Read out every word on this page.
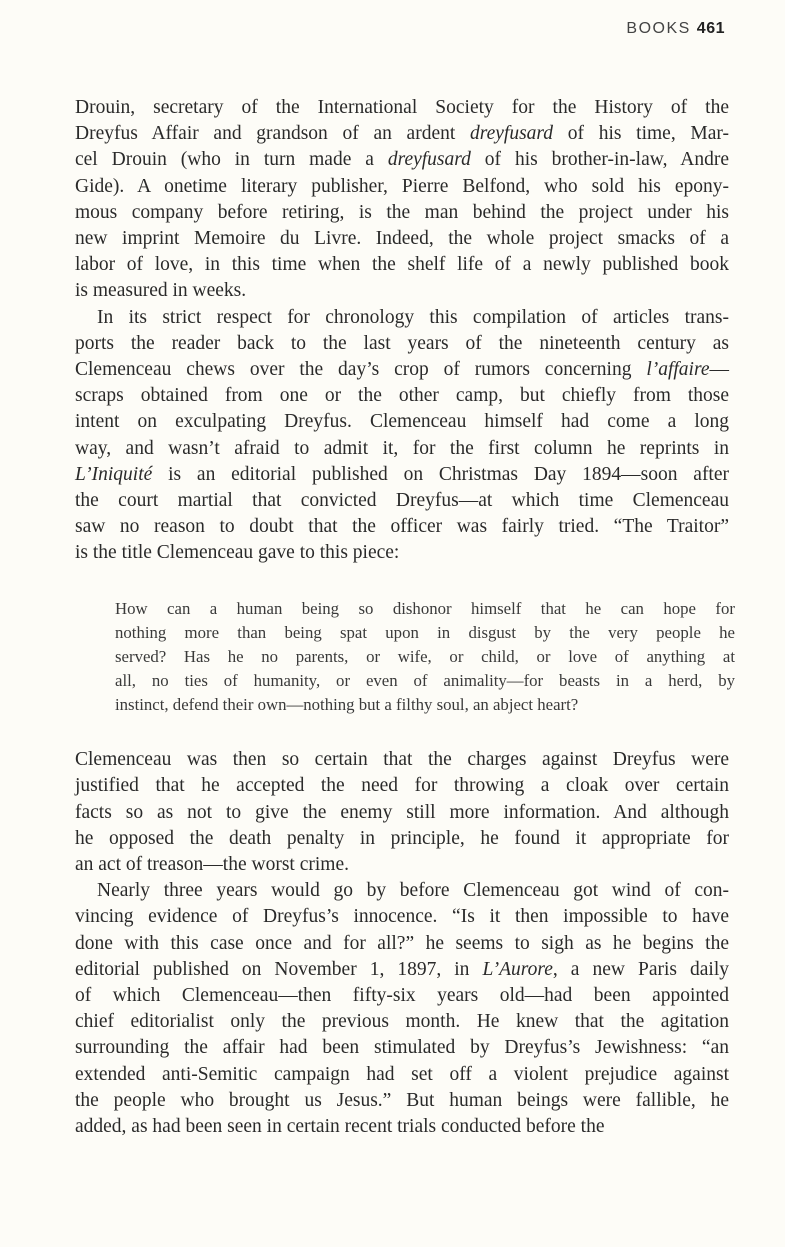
BOOKS 461

Drouin, secretary of the International Society for the History of the
Dreyfus Affair and grandson of an ardent dreyfusard of his time, Mar-
cel Drouin (who in turn made a dreyfusard of his brother-in-law, Andre
Gide). A onetime literary publisher, Pierre Belfond, who sold his epony-
mous company before retiring, is the man behind the project under his
new imprint Memoire du Livre. Indeed, the whole project smacks of a
labor of love, in this time when the shelf life of a newly published book
is measured in weeks.

In its strict respect for chronology this compilation of articles trans-
ports the reader back to the last years of the nineteenth century as
Clemenceau chews over the day’s crop of rumors concerning l’affaire—
scraps obtained from one or the other camp, but chiefly from those
intent on exculpating Dreyfus. Clemenceau himself had come a long
way, and wasn’t afraid to admit it, for the first column he reprints in
L’Iniquité is an editorial published on Christmas Day 1894—soon after
the court martial that convicted Dreyfus—at which time Clemenceau
saw no reason to doubt that the officer was fairly tried. “The Traitor”
is the title Clemenceau gave to this piece:

How can a human being so dishonor himself that he can hope for
nothing more than being spat upon in disgust by the very people he
served? Has he no parents, or wife, or child, or love of anything at
all, no ties of humanity, or even of animality—for beasts in a herd, by
instinct, defend their own—nothing but a filthy soul, an abject heart?

Clemenceau was then so certain that the charges against Dreyfus were
justified that he accepted the need for throwing a cloak over certain
facts so as not to give the enemy still more information. And although
he opposed the death penalty in principle, he found it appropriate for
an act of treason—the worst crime.

Nearly three years would go by before Clemenceau got wind of con-
vincing evidence of Dreyfus’s innocence. “Is it then impossible to have
done with this case once and for all?” he seems to sigh as he begins the
editorial published on November 1, 1897, in L’Aurore, a new Paris daily
of which Clemenceau—then fifty-six years old—had been appointed
chief editorialist only the previous month. He knew that the agitation
surrounding the affair had been stimulated by Dreyfus’s Jewishness: “an
extended anti-Semitic campaign had set off a violent prejudice against
the people who brought us Jesus.” But human beings were fallible, he
added, as had been seen in certain recent trials conducted before the
